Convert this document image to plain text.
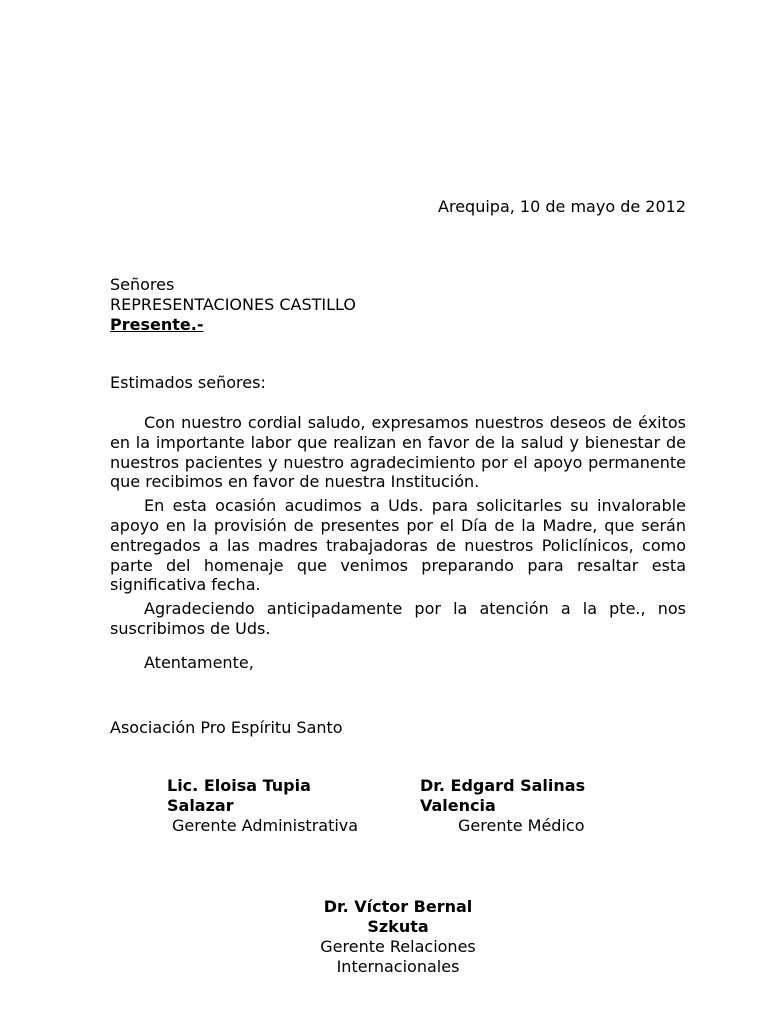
Arequipa, 10 de mayo de 2012
Señores
REPRESENTACIONES CASTILLO
Presente.-
Estimados señores:

Con nuestro cordial saludo, expresamos nuestros deseos de éxitos en la importante labor que realizan en favor de la salud y bienestar de nuestros pacientes y nuestro agradecimiento por el apoyo permanente que recibimos en favor de nuestra Institución.

En esta ocasión acudimos a Uds. para solicitarles su invalorable apoyo en la provisión de presentes por el Día de la Madre, que serán entregados a las madres trabajadoras de nuestros Policlínicos, como parte del homenaje que venimos preparando para resaltar esta significativa fecha.

Agradeciendo anticipadamente por la atención a la pte., nos suscribimos de Uds.

Atentamente,
Asociación Pro Espíritu Santo
Lic. Eloisa Tupia Salazar
Gerente Administrativa
Dr. Edgard Salinas Valencia
Gerente Médico
Dr. Víctor Bernal Szkuta
Gerente Relaciones Internacionales
